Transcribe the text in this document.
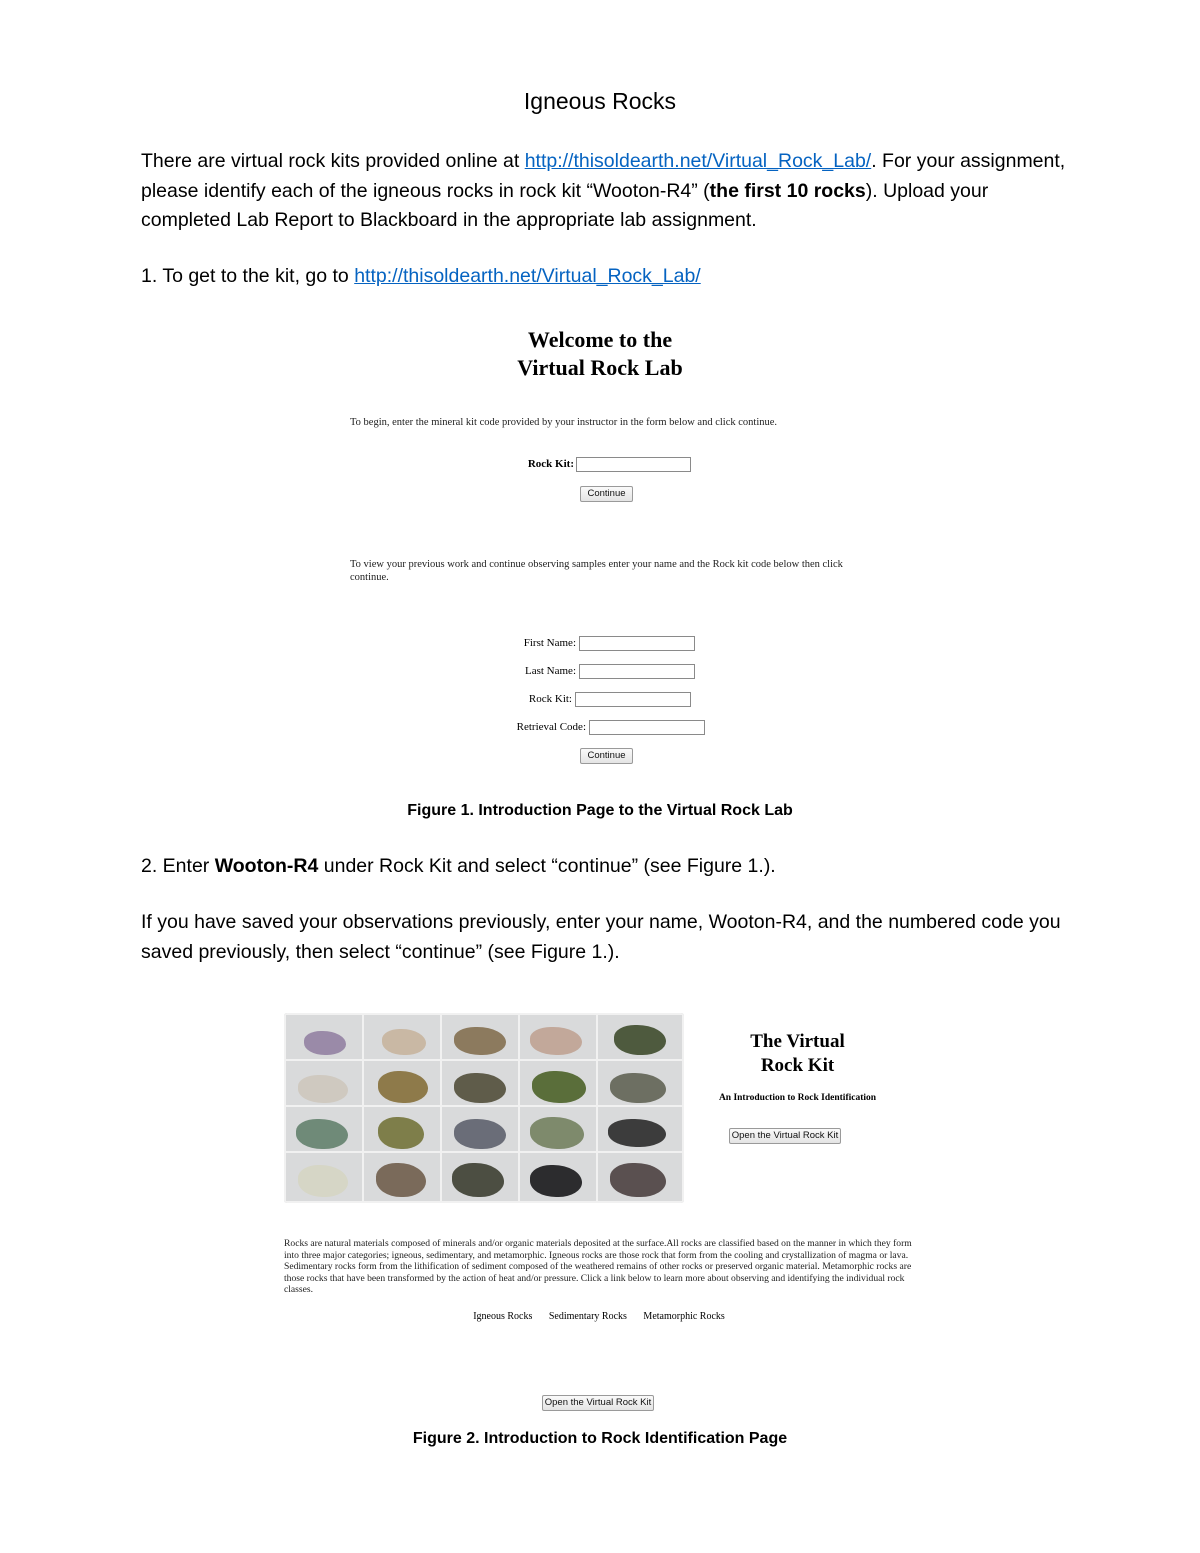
Igneous Rocks
There are virtual rock kits provided online at http://thisoldearth.net/Virtual_Rock_Lab/. For your assignment, please identify each of the igneous rocks in rock kit “Wooton-R4” (the first 10 rocks). Upload your completed Lab Report to Blackboard in the appropriate lab assignment.
1. To get to the kit, go to http://thisoldearth.net/Virtual_Rock_Lab/
Welcome to the
Virtual Rock Lab
To begin, enter the mineral kit code provided by your instructor in the form below and click continue.
Rock Kit:
Continue
To view your previous work and continue observing samples enter your name and the Rock kit code below then click continue.
First Name:
Last Name:
Rock Kit:
Retrieval Code:
Continue
Figure 1. Introduction Page to the Virtual Rock Lab
2. Enter Wooton-R4 under Rock Kit and select “continue” (see Figure 1.).
If you have saved your observations previously, enter your name, Wooton-R4, and the numbered code you saved previously, then select “continue” (see Figure 1.).
The Virtual
Rock Kit
An Introduction to Rock Identification
Open the Virtual Rock Kit
Rocks are natural materials composed of minerals and/or organic materials deposited at the surface.All rocks are classified based on the manner in which they form into three major categories; igneous, sedimentary, and metamorphic. Igneous rocks are those rock that form from the cooling and crystallization of magma or lava. Sedimentary rocks form from the lithification of sediment composed of the weathered remains of other rocks or preserved organic material. Metamorphic rocks are those rocks that have been transformed by the action of heat and/or pressure. Click a link below to learn more about observing and identifying the individual rock classes.
Igneous Rocks Sedimentary Rocks Metamorphic Rocks
Open the Virtual Rock Kit
Figure 2. Introduction to Rock Identification Page
